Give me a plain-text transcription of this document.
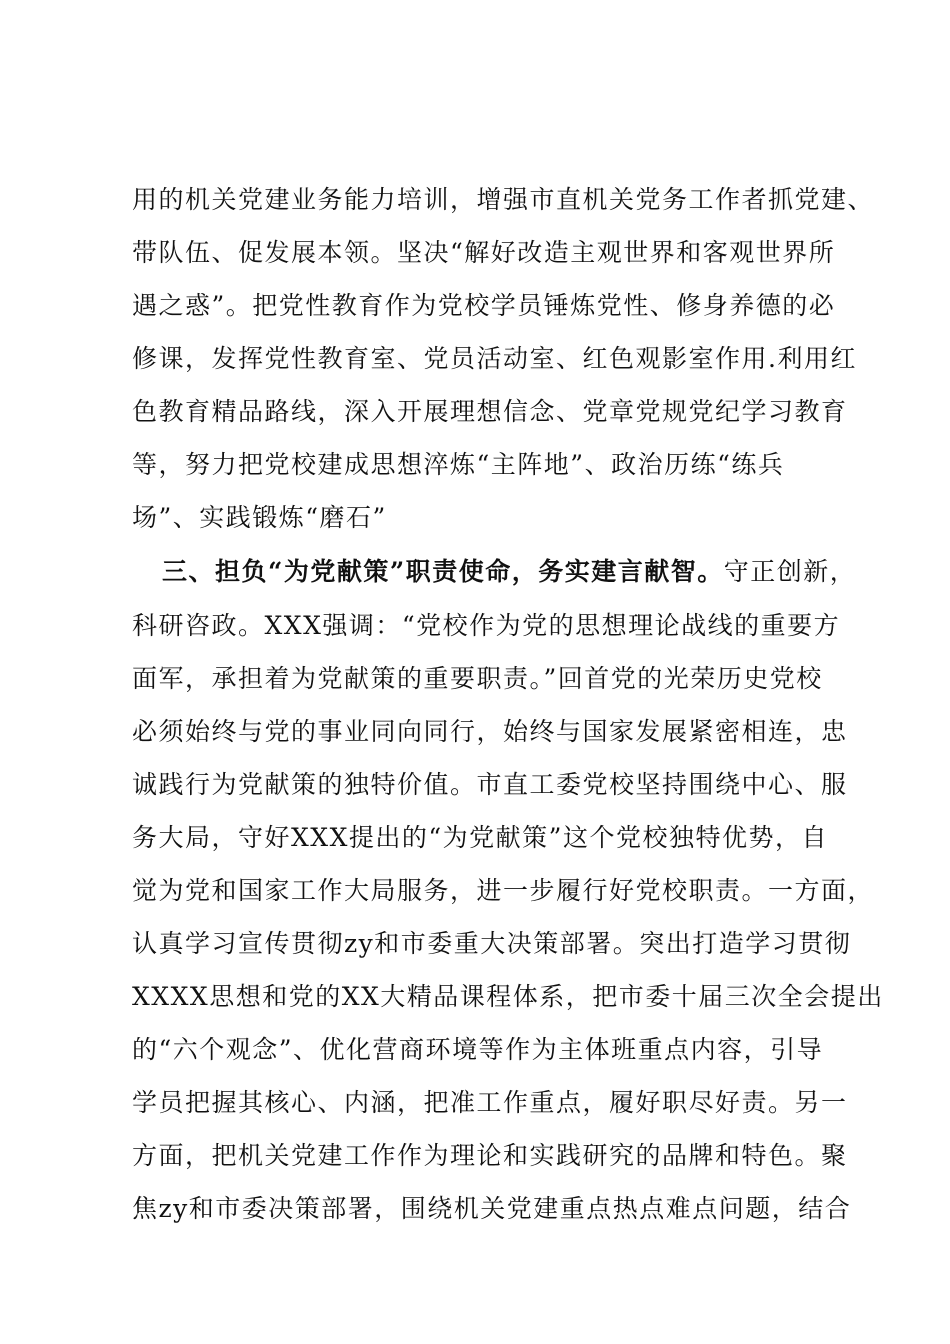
用的机关党建业务能力培训，增强市直机关党务工作者抓党建、
带队伍、促发展本领。坚决“解好改造主观世界和客观世界所
遇之惑”。把党性教育作为党校学员锤炼党性、修身养德的必
修课，发挥党性教育室、党员活动室、红色观影室作用.利用红
色教育精品路线，深入开展理想信念、党章党规党纪学习教育
等，努力把党校建成思想淬炼“主阵地”、政治历练“练兵
场”、实践锻炼“磨石”
三、担负“为党献策”职责使命，务实建言献智。守正创新，
科研咨政。XXX强调：“党校作为党的思想理论战线的重要方
面军，承担着为党献策的重要职责。”回首党的光荣历史党校
必须始终与党的事业同向同行，始终与国家发展紧密相连，忠
诚践行为党献策的独特价值。市直工委党校坚持围绕中心、服
务大局，守好XXX提出的“为党献策”这个党校独特优势，自
觉为党和国家工作大局服务，进一步履行好党校职责。一方面，
认真学习宣传贯彻zy和市委重大决策部署。突出打造学习贯彻
XXXX思想和党的XX大精品课程体系，把市委十届三次全会提出
的“六个观念”、优化营商环境等作为主体班重点内容，引导
学员把握其核心、内涵，把准工作重点，履好职尽好责。另一
方面，把机关党建工作作为理论和实践研究的品牌和特色。聚
焦zy和市委决策部署，围绕机关党建重点热点难点问题，结合
